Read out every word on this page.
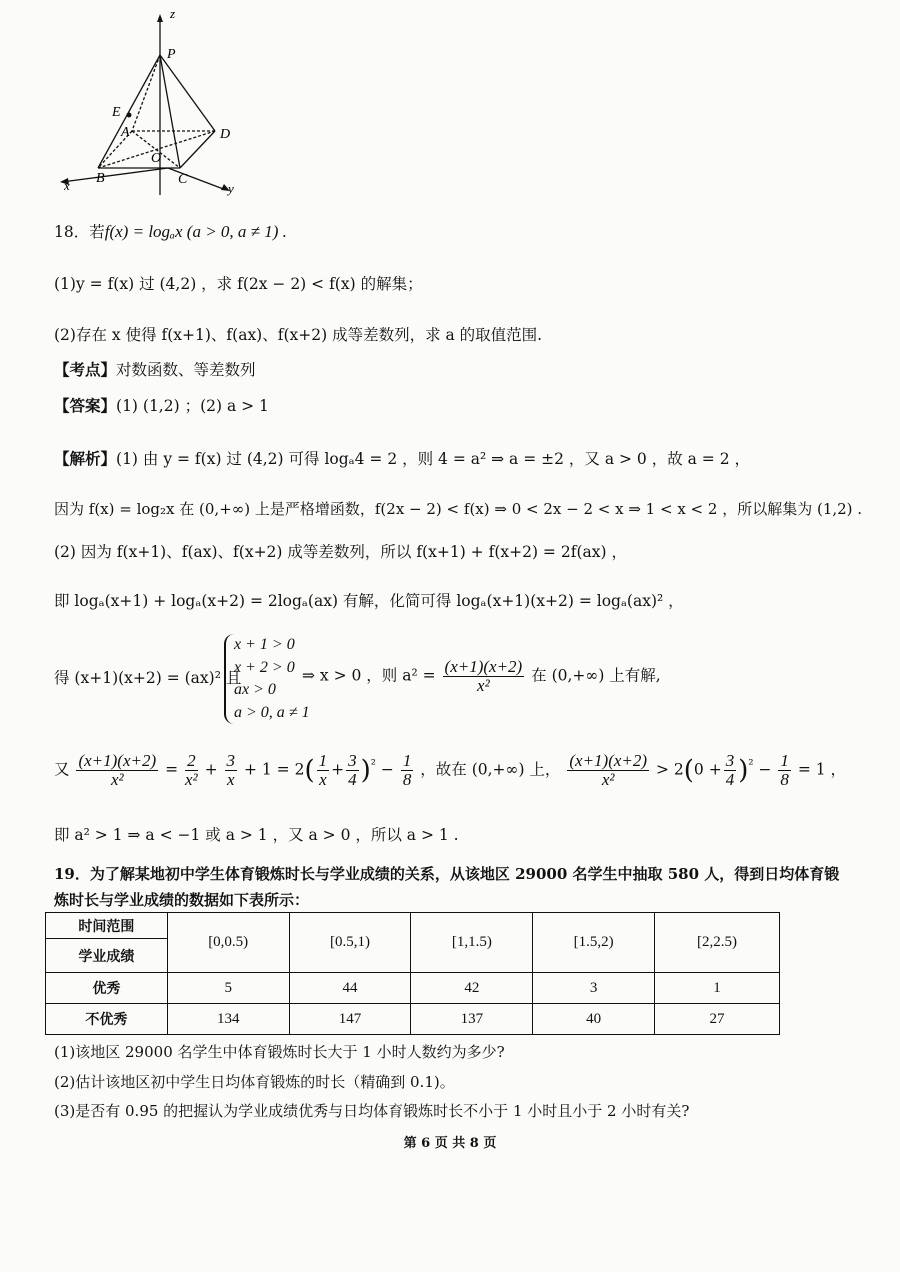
z
P
E
A	D
O
B	C
x	y
18．若f(x) = logₐx (a > 0, a ≠ 1) .
(1)y = f(x) 过 (4,2) ，求 f(2x − 2) < f(x) 的解集；
(2)存在 x 使得 f(x+1)、f(ax)、f(x+2) 成等差数列，求 a 的取值范围.
【考点】对数函数、等差数列
【答案】(1) (1,2) ；(2) a > 1
【解析】(1) 由 y = f(x) 过 (4,2) 可得 logₐ4 = 2 ，则 4 = a² ⇒ a = ±2 ，又 a > 0 ，故 a = 2 ，
因为 f(x) = log₂x 在 (0,+∞) 上是严格增函数，f(2x − 2) < f(x) ⇒ 0 < 2x − 2 < x ⇒ 1 < x < 2 ，所以解集为 (1,2) .
(2) 因为 f(x+1)、f(ax)、f(x+2) 成等差数列，所以 f(x+1) + f(x+2) = 2f(ax) ，
即 logₐ(x+1) + logₐ(x+2) = 2logₐ(ax) 有解，化简可得 logₐ(x+1)(x+2) = logₐ(ax)² ，
得 (x+1)(x+2) = (ax)² 且
x + 1 > 0
x + 2 > 0
ax > 0
a > 0, a ≠ 1
⇒ x > 0 ，则 $a^2 = \frac{(x+1)(x+2)}{\text{x²}}$ 在 (0,+∞) 上有解,
又 $\frac{(x+1)(x+2)}{\text{x²}} = \frac{2}{\text{x²}} + \frac{3}{x} + 1 = 2( \frac{1}{x} + \frac{3}{4} )^{^2} - \frac{1}{8}$ ，故在 (0,+∞) 上， $\frac{(x+1)(x+2)}{\text{x²}} > 2(0 + \frac{3}{4} )^{^2} - \frac{1}{8} = 1$ ，
即 a² > 1 ⇒ a < −1 或 a > 1 ，又 a > 0 ，所以 a > 1 .
19．为了解某地初中学生体育锻炼时长与学业成绩的关系，从该地区 29000 名学生中抽取 580 人，得到日均体育锻
炼时长与学业成绩的数据如下表所示：
时间范围	[0,0.5)	[0.5,1)	[1,1.5)	[1.5,2)	[2,2.5)
学业成绩					
优秀	5	44	42	3	1
不优秀	134	147	137	40	27
(1)该地区 29000 名学生中体育锻炼时长大于 1 小时人数约为多少?
(2)估计该地区初中学生日均体育锻炼的时长（精确到 0.1)。
(3)是否有 0.95 的把握认为学业成绩优秀与日均体育锻炼时长不小于 1 小时且小于 2 小时有关?
第 6 页 共 8 页
